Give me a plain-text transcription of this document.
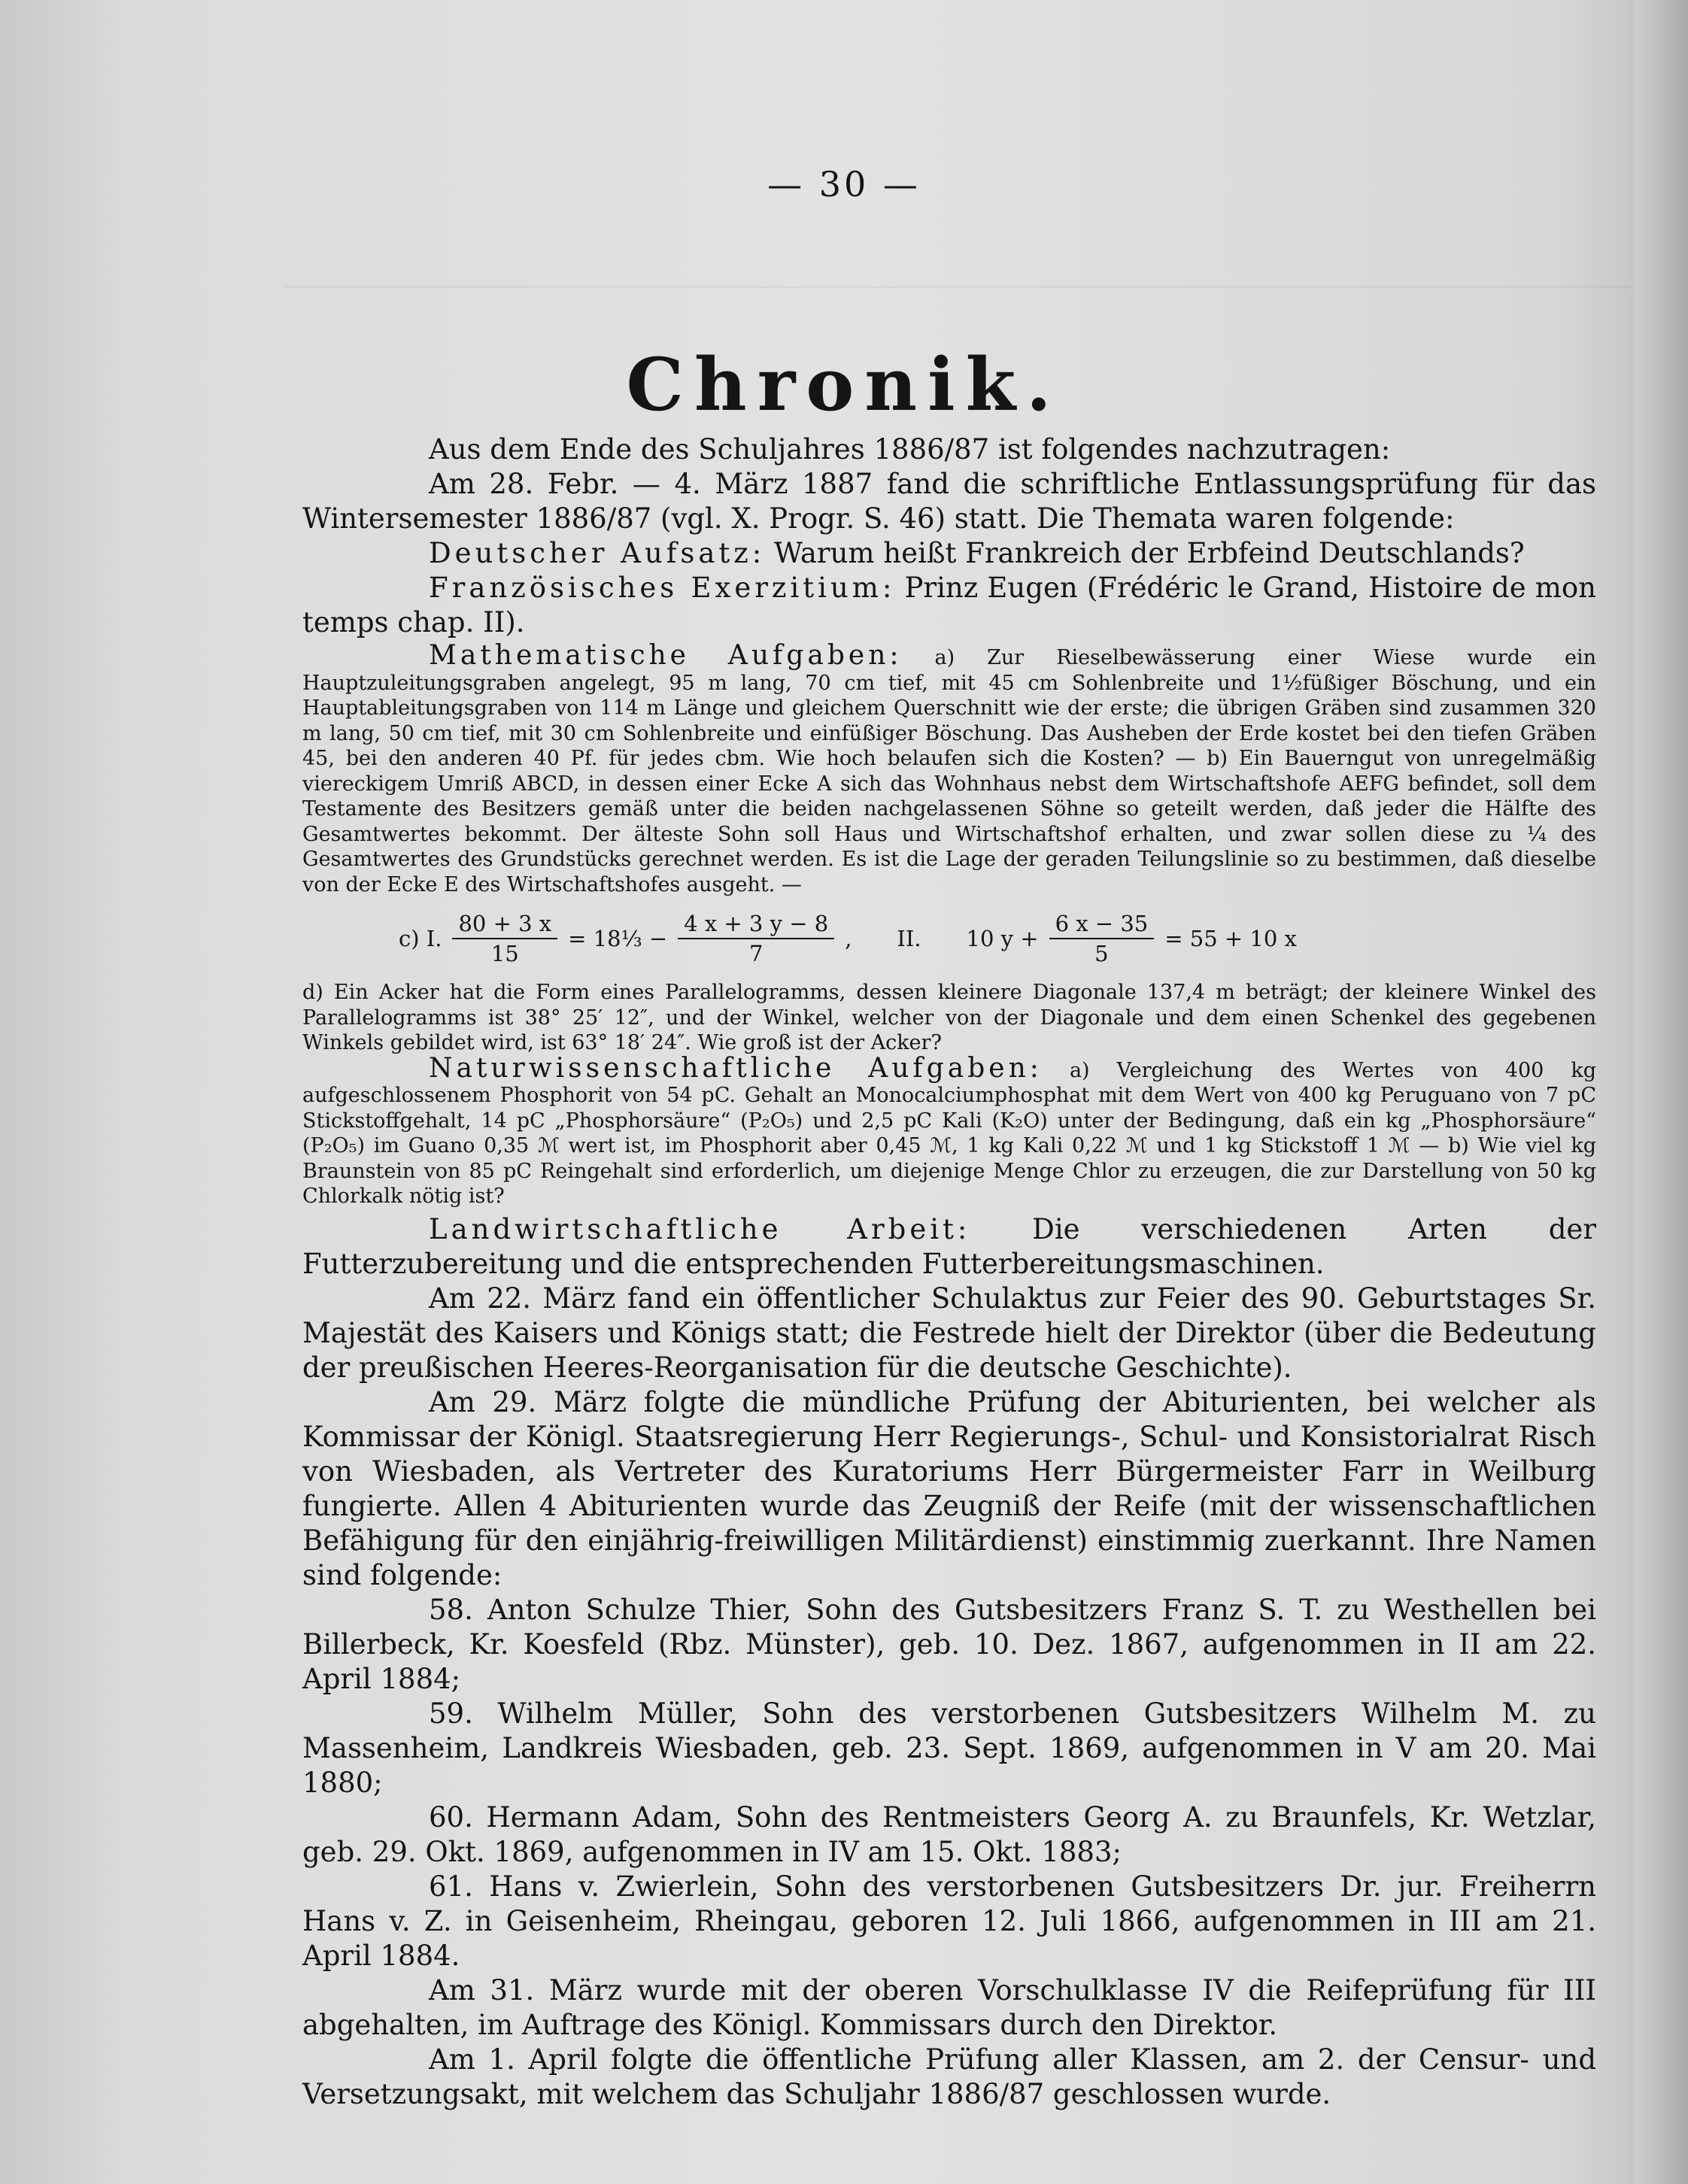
— 30 —
Chronik.

Aus dem Ende des Schuljahres 1886/87 ist folgendes nachzutragen:

Am 28. Febr. — 4. März 1887 fand die schriftliche Entlassungsprüfung für das Wintersemester 1886/87 (vgl. X. Progr. S. 46) statt. Die Themata waren folgende:

Deutscher Aufsatz: Warum heißt Frankreich der Erbfeind Deutschlands?

Französisches Exerzitium: Prinz Eugen (Frédéric le Grand, Histoire de mon temps chap. II).

Mathematische Aufgaben: a) Zur Rieselbewässerung einer Wiese wurde ein Hauptzuleitungsgraben angelegt, 95 m lang, 70 cm tief, mit 45 cm Sohlenbreite und 1½füßiger Böschung, und ein Hauptableitungsgraben von 114 m Länge und gleichem Querschnitt wie der erste; die übrigen Gräben sind zusammen 320 m lang, 50 cm tief, mit 30 cm Sohlenbreite und einfüßiger Böschung. Das Ausheben der Erde kostet bei den tiefen Gräben 45, bei den anderen 40 Pf. für jedes cbm. Wie hoch belaufen sich die Kosten? — b) Ein Bauerngut von unregelmäßig viereckigem Umriß ABCD, in dessen einer Ecke A sich das Wohnhaus nebst dem Wirtschaftshofe AEFG befindet, soll dem Testamente des Besitzers gemäß unter die beiden nachgelassenen Söhne so geteilt werden, daß jeder die Hälfte des Gesamtwertes bekommt. Der älteste Sohn soll Haus und Wirtschaftshof erhalten, und zwar sollen diese zu ¼ des Gesamtwertes des Grundstücks gerechnet werden. Es ist die Lage der geraden Teilungslinie so zu bestimmen, daß dieselbe von der Ecke E des Wirtschaftshofes ausgeht. —

c) I. $\frac{80 + 3 x}{15}$ = 18⅓ − $\frac{4 x + 3 y - 8}{7}$ , II. 10 $y + \frac{6 x - 35}{5} = 55 + 10$ x

d) Ein Acker hat die Form eines Parallelogramms, dessen kleinere Diagonale 137,4 m beträgt; der kleinere Winkel des Parallelogramms ist 38° 25′ 12″, und der Winkel, welcher von der Diagonale und dem einen Schenkel des gegebenen Winkels gebildet wird, ist 63° 18′ 24″. Wie groß ist der Acker?

Naturwissenschaftliche Aufgaben: a) Vergleichung des Wertes von 400 kg aufgeschlossenem Phosphorit von 54 pC. Gehalt an Monocalciumphosphat mit dem Wert von 400 kg Peruguano von 7 pC Stickstoffgehalt, 14 pC „Phosphorsäure“ (P₂O₅) und 2,5 pC Kali (K₂O) unter der Bedingung, daß ein kg „Phosphorsäure“ (P₂O₅) im Guano 0,35 ℳ wert ist, im Phosphorit aber 0,45 ℳ, 1 kg Kali 0,22 ℳ und 1 kg Stickstoff 1 ℳ — b) Wie viel kg Braunstein von 85 pC Reingehalt sind erforderlich, um diejenige Menge Chlor zu erzeugen, die zur Darstellung von 50 kg Chlorkalk nötig ist?

Landwirtschaftliche Arbeit: Die verschiedenen Arten der Futterzubereitung und die entsprechenden Futterbereitungsmaschinen.

Am 22. März fand ein öffentlicher Schulaktus zur Feier des 90. Geburtstages Sr. Majestät des Kaisers und Königs statt; die Festrede hielt der Direktor (über die Bedeutung der preußischen Heeres-Reorganisation für die deutsche Geschichte).

Am 29. März folgte die mündliche Prüfung der Abiturienten, bei welcher als Kommissar der Königl. Staatsregierung Herr Regierungs-, Schul- und Konsistorialrat Risch von Wiesbaden, als Vertreter des Kuratoriums Herr Bürgermeister Farr in Weilburg fungierte. Allen 4 Abiturienten wurde das Zeugniß der Reife (mit der wissenschaftlichen Befähigung für den einjährig-freiwilligen Militärdienst) einstimmig zuerkannt. Ihre Namen sind folgende:

58. Anton Schulze Thier, Sohn des Gutsbesitzers Franz S. T. zu Westhellen bei Billerbeck, Kr. Koesfeld (Rbz. Münster), geb. 10. Dez. 1867, aufgenommen in II am 22. April 1884;

59. Wilhelm Müller, Sohn des verstorbenen Gutsbesitzers Wilhelm M. zu Massenheim, Landkreis Wiesbaden, geb. 23. Sept. 1869, aufgenommen in V am 20. Mai 1880;

60. Hermann Adam, Sohn des Rentmeisters Georg A. zu Braunfels, Kr. Wetzlar, geb. 29. Okt. 1869, aufgenommen in IV am 15. Okt. 1883;

61. Hans v. Zwierlein, Sohn des verstorbenen Gutsbesitzers Dr. jur. Freiherrn Hans v. Z. in Geisenheim, Rheingau, geboren 12. Juli 1866, aufgenommen in III am 21. April 1884.

Am 31. März wurde mit der oberen Vorschulklasse IV die Reifeprüfung für III abgehalten, im Auftrage des Königl. Kommissars durch den Direktor.

Am 1. April folgte die öffentliche Prüfung aller Klassen, am 2. der Censur- und Versetzungsakt, mit welchem das Schuljahr 1886/87 geschlossen wurde.
